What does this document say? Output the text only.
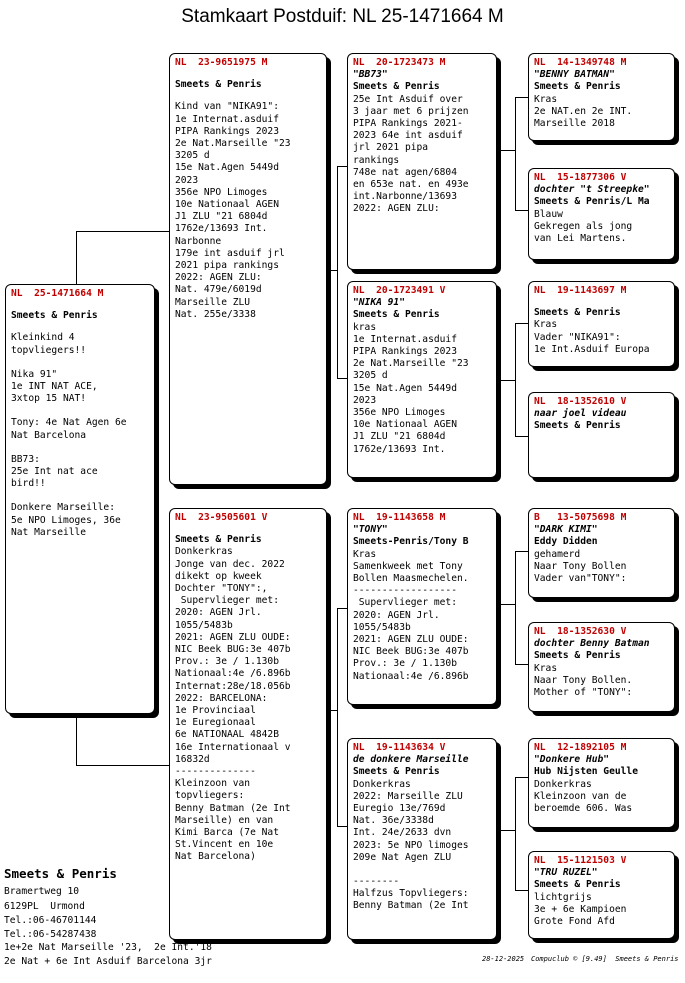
Stamkaart Postduif: NL 25-1471664 M
NL  25-1471664 M
Smeets & Penris
Kleinkind 4
topvliegers!!
Nika 91"
1e INT NAT ACE,
3xtop 15 NAT!
Tony: 4e Nat Agen 6e
Nat Barcelona
BB73:
25e Int nat ace
bird!!
Donkere Marseille:
5e NPO Limoges, 36e
Nat Marseille
NL  23-9651975 M
Smeets & Penris
Kind van "NIKA91":
1e Internat.asduif
PIPA Rankings 2023
2e Nat.Marseille "23
3205 d
15e Nat.Agen 5449d
2023
356e NPO Limoges
10e Nationaal AGEN
J1 ZLU "21 6804d
1762e/13693 Int.
Narbonne
179e int asduif jrl
2021 pipa rankings
2022: AGEN ZLU:
Nat. 479e/6019d
Marseille ZLU
Nat. 255e/3338
NL  23-9505601 V
Smeets & Penris
Donkerkras
Jonge van dec. 2022
dikekt op kweek
Dochter "TONY":,
Supervlieger met:
2020: AGEN Jrl.
1055/5483b
2021: AGEN ZLU OUDE:
NIC Beek BUG:3e 407b
Prov.: 3e / 1.130b
Nationaal:4e /6.896b
Internat:28e/18.056b
2022: BARCELONA:
1e Provinciaal
1e Euregionaal
6e NATIONAAL 4842B
16e Internationaal v
16832d
--------------
Kleinzoon van
topvliegers:
Benny Batman (2e Int
Marseille) en van
Kimi Barca (7e Nat
St.Vincent en 10e
Nat Barcelona)
NL  20-1723473 M
"BB73"
Smeets & Penris
25e Int Asduif over
3 jaar met 6 prijzen
PIPA Rankings 2021-
2023 64e int asduif
jrl 2021 pipa
rankings
748e nat agen/6804
en 653e nat. en 493e
int.Narbonne/13693
2022: AGEN ZLU:
NL  20-1723491 V
"NIKA 91"
Smeets & Penris
kras
1e Internat.asduif
PIPA Rankings 2023
2e Nat.Marseille "23
3205 d
15e Nat.Agen 5449d
2023
356e NPO Limoges
10e Nationaal AGEN
J1 ZLU "21 6804d
1762e/13693 Int.
NL  19-1143658 M
"TONY"
Smeets-Penris/Tony B
Kras
Samenkweek met Tony
Bollen Maasmechelen.
------------------
Supervlieger met:
2020: AGEN Jrl.
1055/5483b
2021: AGEN ZLU OUDE:
NIC Beek BUG:3e 407b
Prov.: 3e / 1.130b
Nationaal:4e /6.896b
NL  19-1143634 V
de donkere Marseille
Smeets & Penris
Donkerkras
2022: Marseille ZLU
Euregio 13e/769d
Nat. 36e/3338d
Int. 24e/2633 dvn
2023: 5e NPO limoges
209e Nat Agen ZLU
--------
Halfzus Topvliegers:
Benny Batman (2e Int
NL  14-1349748 M
"BENNY BATMAN"
Smeets & Penris
Kras
2e NAT.en 2e INT.
Marseille 2018
NL  15-1877306 V
dochter "t Streepke"
Smeets & Penris/L Ma
Blauw
Gekregen als jong
van Lei Martens.
NL  19-1143697 M
Smeets & Penris
Kras
Vader "NIKA91":
1e Int.Asduif Europa
NL  18-1352610 V
naar joel videau
Smeets & Penris
B   13-5075698 M
"DARK KIMI"
Eddy Didden
gehamerd
Naar Tony Bollen
Vader van"TONY":
NL  18-1352630 V
dochter Benny Batman
Smeets & Penris
Kras
Naar Tony Bollen.
Mother of "TONY":
NL  12-1892105 M
"Donkere Hub"
Hub Nijsten Geulle
Donkerkras
Kleinzoon van de
beroemde 606. Was
NL  15-1121503 V
"TRU RUZEL"
Smeets & Penris
lichtgrijs
3e + 6e Kampioen
Grote Fond Afd
Smeets & Penris
Bramertweg 10
6129PL  Urmond
Tel.:06-46701144
Tel.:06-54287438
1e+2e Nat Marseille '23,  2e Int.'18
2e Nat + 6e Int Asduif Barcelona 3jr	28-12-2025 Compuclub © [9.49]  Smeets & Penris
